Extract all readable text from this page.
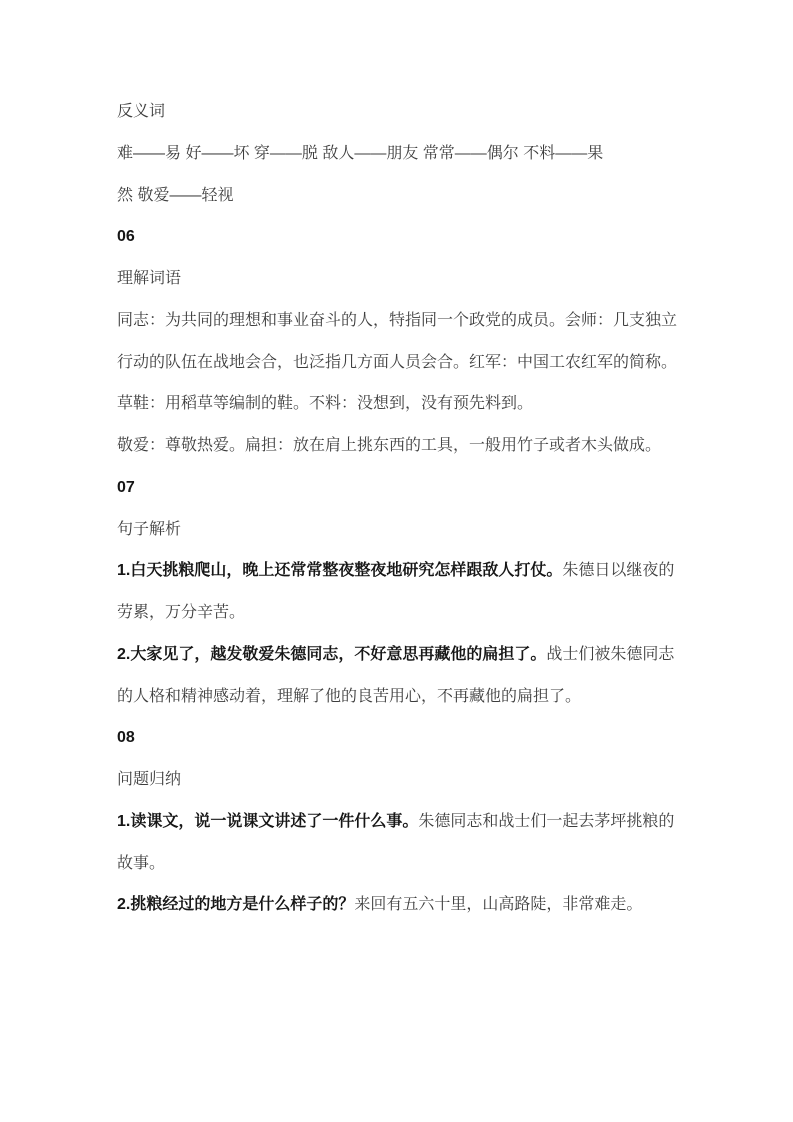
反义词
难——易 好——坏 穿——脱 敌人——朋友 常常——偶尔 不料——果
然 敬爱——轻视
06
理解词语
同志：为共同的理想和事业奋斗的人，特指同一个政党的成员。会师：几支独立
行动的队伍在战地会合，也泛指几方面人员会合。红军：中国工农红军的简称。
草鞋：用稻草等编制的鞋。不料：没想到，没有预先料到。
敬爱：尊敬热爱。扁担：放在肩上挑东西的工具，一般用竹子或者木头做成。
07
句子解析
1.白天挑粮爬山，晚上还常常整夜整夜地研究怎样跟敌人打仗。朱德日以继夜的
劳累，万分辛苦。
2.大家见了，越发敬爱朱德同志，不好意思再藏他的扁担了。战士们被朱德同志
的人格和精神感动着，理解了他的良苦用心，不再藏他的扁担了。
08
问题归纳
1.读课文，说一说课文讲述了一件什么事。朱德同志和战士们一起去茅坪挑粮的
故事。
2.挑粮经过的地方是什么样子的？来回有五六十里，山高路陡，非常难走。
